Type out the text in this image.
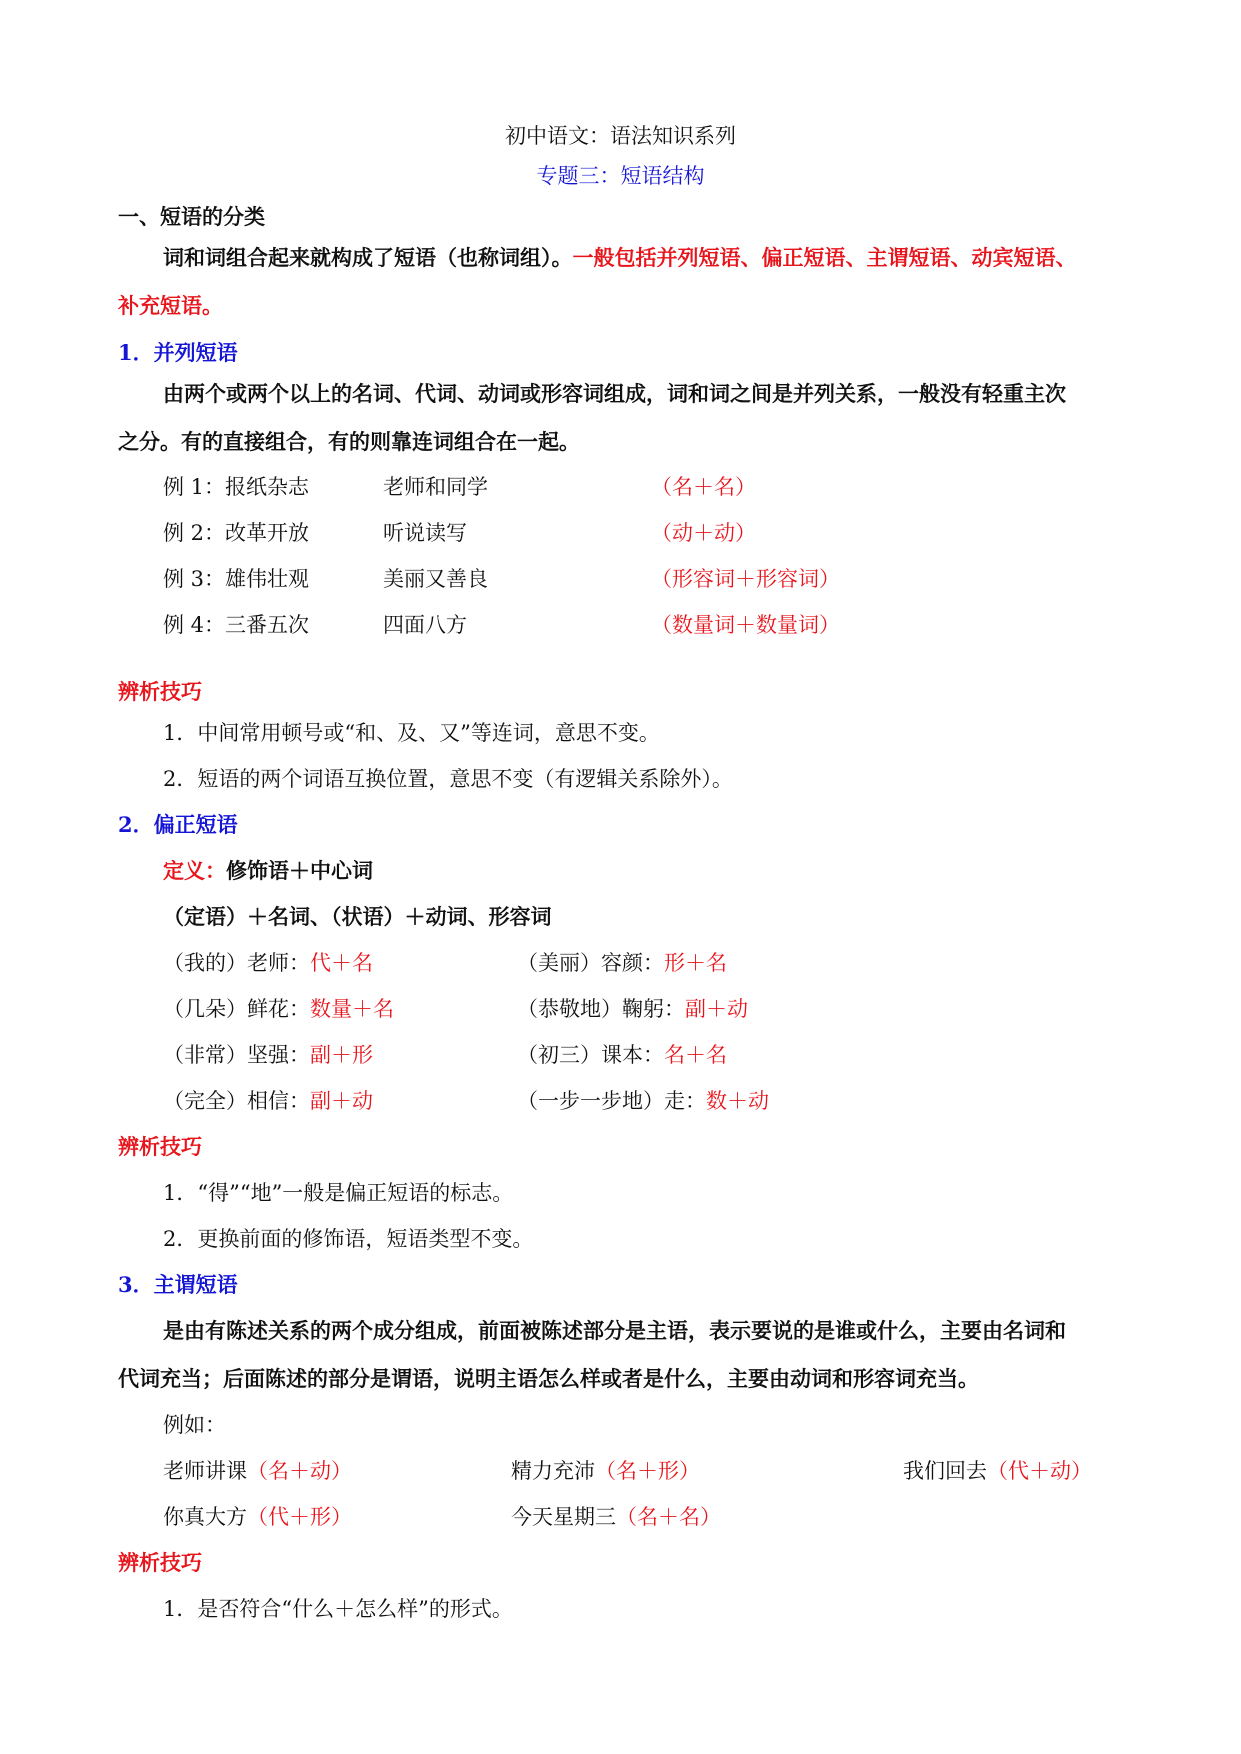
初中语文：语法知识系列
专题三：短语结构
一、短语的分类
词和词组合起来就构成了短语（也称词组）。一般包括并列短语、偏正短语、主谓短语、动宾短语、
补充短语。
1．并列短语
由两个或两个以上的名词、代词、动词或形容词组成，词和词之间是并列关系，一般没有轻重主次
之分。有的直接组合，有的则靠连词组合在一起。
例 1：报纸杂志	老师和同学	（名＋名）
例 2：改革开放	听说读写	（动＋动）
例 3：雄伟壮观	美丽又善良	（形容词＋形容词）
例 4：三番五次	四面八方	（数量词＋数量词）
辨析技巧
1．中间常用顿号或“和、及、又”等连词，意思不变。
2．短语的两个词语互换位置，意思不变（有逻辑关系除外）。
2．偏正短语
定义：修饰语＋中心词
（定语）＋名词、（状语）＋动词、形容词
（我的）老师：代＋名	（美丽）容颜：形＋名
（几朵）鲜花：数量＋名	（恭敬地）鞠躬：副＋动
（非常）坚强：副＋形	（初三）课本：名＋名
（完全）相信：副＋动	（一步一步地）走：数＋动
辨析技巧
1．“得”“地”一般是偏正短语的标志。
2．更换前面的修饰语，短语类型不变。
3．主谓短语
是由有陈述关系的两个成分组成，前面被陈述部分是主语，表示要说的是谁或什么，主要由名词和
代词充当；后面陈述的部分是谓语，说明主语怎么样或者是什么，主要由动词和形容词充当。
例如：
老师讲课（名＋动）	精力充沛（名＋形）	我们回去（代＋动）
你真大方（代＋形）	今天星期三（名＋名）
辨析技巧
1．是否符合“什么＋怎么样”的形式。
